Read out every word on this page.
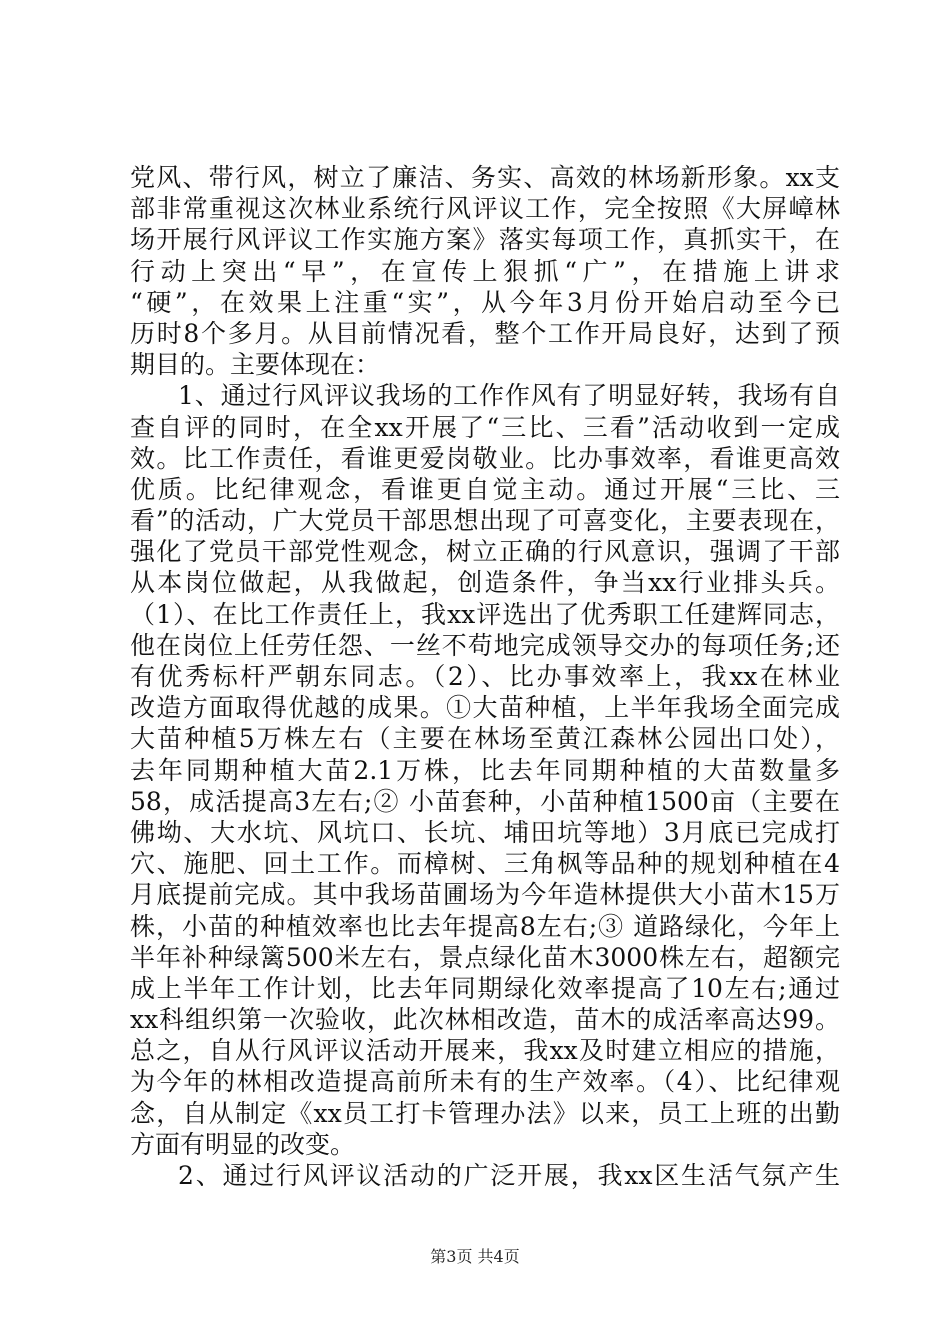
党风、带行风，树立了廉洁、务实、高效的林场新形象。xx支
部非常重视这次林业系统行风评议工作，完全按照《大屏嶂林
场开展行风评议工作实施方案》落实每项工作，真抓实干，在
行动上突出“早”，在宣传上狠抓“广”，在措施上讲求
“硬”，在效果上注重“实”，从今年3月份开始启动至今已
历时8个多月。从目前情况看，整个工作开局良好，达到了预
期目的。主要体现在：
1、通过行风评议我场的工作作风有了明显好转，我场有自
查自评的同时，在全xx开展了“三比、三看”活动收到一定成
效。比工作责任，看谁更爱岗敬业。比办事效率，看谁更高效
优质。比纪律观念，看谁更自觉主动。通过开展“三比、三
看”的活动，广大党员干部思想出现了可喜变化，主要表现在，
强化了党员干部党性观念，树立正确的行风意识，强调了干部
从本岗位做起，从我做起，创造条件，争当xx行业排头兵。
（1）、在比工作责任上，我xx评选出了优秀职工任建辉同志，
他在岗位上任劳任怨、一丝不苟地完成领导交办的每项任务;还
有优秀标杆严朝东同志。（2）、比办事效率上，我xx在林业
改造方面取得优越的成果。①大苗种植，上半年我场全面完成
大苗种植5万株左右（主要在林场至黄江森林公园出口处），
去年同期种植大苗2.1万株，比去年同期种植的大苗数量多
58，成活提高3左右;② 小苗套种，小苗种植1500亩（主要在
佛坳、大水坑、风坑口、长坑、埔田坑等地）3月底已完成打
穴、施肥、回土工作。而樟树、三角枫等品种的规划种植在4
月底提前完成。其中我场苗圃场为今年造林提供大小苗木15万
株，小苗的种植效率也比去年提高8左右;③ 道路绿化，今年上
半年补种绿篱500米左右，景点绿化苗木3000株左右，超额完
成上半年工作计划，比去年同期绿化效率提高了10左右;通过
xx科组织第一次验收，此次林相改造，苗木的成活率高达99。
总之，自从行风评议活动开展来，我xx及时建立相应的措施，
为今年的林相改造提高前所未有的生产效率。（4）、比纪律观
念，自从制定《xx员工打卡管理办法》以来，员工上班的出勤
方面有明显的改变。
2、通过行风评议活动的广泛开展，我xx区生活气氛产生
第3页 共4页
